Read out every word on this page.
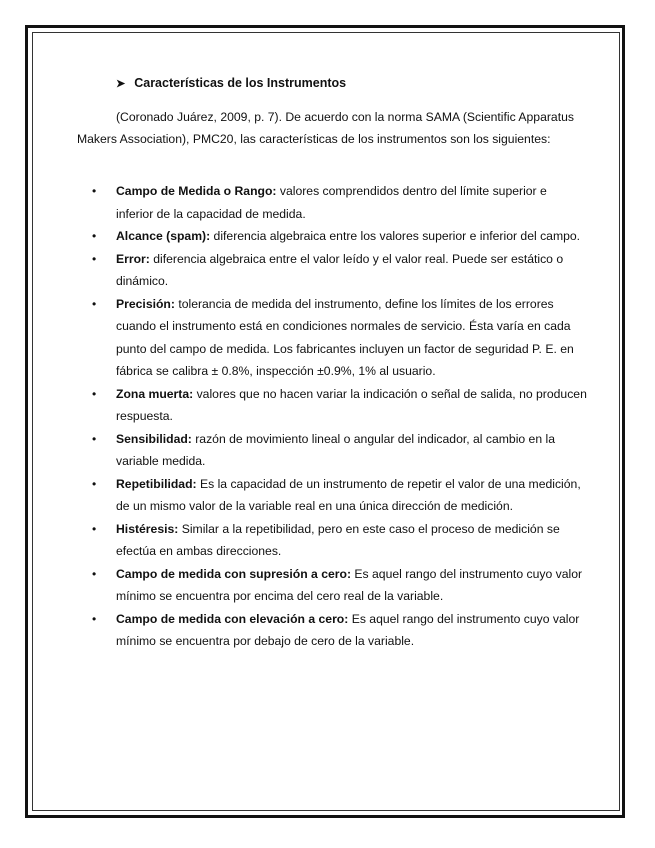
➤ Características de los Instrumentos
(Coronado Juárez, 2009, p. 7). De acuerdo con la norma SAMA (Scientific Apparatus Makers Association), PMC20, las características de los instrumentos son los siguientes:
• Campo de Medida o Rango: valores comprendidos dentro del límite superior e inferior de la capacidad de medida.
• Alcance (spam): diferencia algebraica entre los valores superior e inferior del campo.
• Error: diferencia algebraica entre el valor leído y el valor real. Puede ser estático o dinámico.
• Precisión: tolerancia de medida del instrumento, define los límites de los errores cuando el instrumento está en condiciones normales de servicio. Ésta varía en cada punto del campo de medida. Los fabricantes incluyen un factor de seguridad P. E. en fábrica se calibra ± 0.8%, inspección ±0.9%, 1% al usuario.
• Zona muerta: valores que no hacen variar la indicación o señal de salida, no producen respuesta.
• Sensibilidad: razón de movimiento lineal o angular del indicador, al cambio en la variable medida.
• Repetibilidad: Es la capacidad de un instrumento de repetir el valor de una medición, de un mismo valor de la variable real en una única dirección de medición.
• Histéresis: Similar a la repetibilidad, pero en este caso el proceso de medición se efectúa en ambas direcciones.
• Campo de medida con supresión a cero: Es aquel rango del instrumento cuyo valor mínimo se encuentra por encima del cero real de la variable.
• Campo de medida con elevación a cero: Es aquel rango del instrumento cuyo valor mínimo se encuentra por debajo de cero de la variable.
